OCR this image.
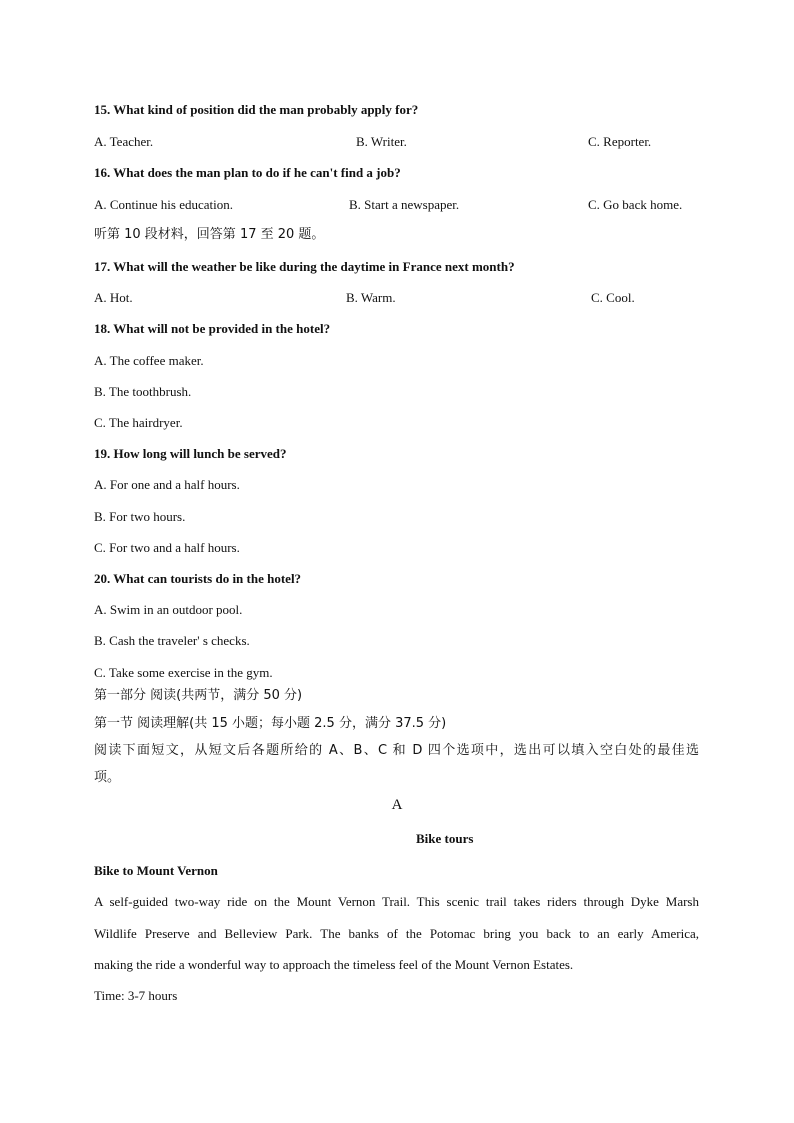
15. What kind of position did the man probably apply for?
A. Teacher.	B. Writer.	C. Reporter.
16. What does the man plan to do if he can't find a job?
A. Continue his education.	B. Start a newspaper.	C. Go back home.
听第 10 段材料，回答第 17 至 20 题。
17. What will the weather be like during the daytime in France next month?
A. Hot.	B. Warm.	C. Cool.
18. What will not be provided in the hotel?
A. The coffee maker.
B. The toothbrush.
C. The hairdryer.
19. How long will lunch be served?
A. For one and a half hours.
B. For two hours.
C. For two and a half hours.
20. What can tourists do in the hotel?
A. Swim in an outdoor pool.
B. Cash the traveler' s checks.
C. Take some exercise in the gym.
第一部分 阅读(共两节，满分 50 分)
第一节 阅读理解(共 15 小题；每小题 2.5 分，满分 37.5 分)
阅读下面短文，从短文后各题所给的 A、B、C 和 D 四个选项中，选出可以填入空白处的最佳选
项。
A
Bike tours
Bike to Mount Vernon
A self-guided two-way ride on the Mount Vernon Trail. This scenic trail takes riders through Dyke Marsh
Wildlife Preserve and Belleview Park. The banks of the Potomac bring you back to an early America,
making the ride a wonderful way to approach the timeless feel of the Mount Vernon Estates.
Time: 3-7 hours
